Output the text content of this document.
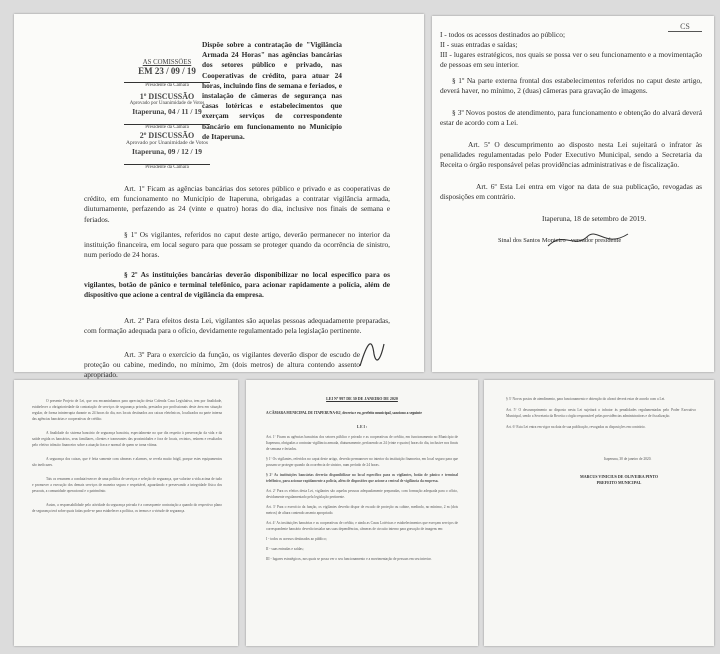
AS COMISSÕES
EM 23 / 09 / 19
Presidente da Câmara
1º DISCUSSÃO
Aprovado por Unanimidade de Votos
Itaperuna, 04 / 11 / 19
Presidente da Câmara
2º DISCUSSÃO
Aprovado por Unanimidade de Votos
Itaperuna, 09 / 12 / 19
Presidente da Câmara
Dispõe sobre a contratação de "Vigilância Armada 24 Horas" nas agências bancárias dos setores público e privado, nas Cooperativas de crédito, para atuar 24 horas, incluindo fins de semana e feriados, e instalação de câmeras de segurança nas casas lotéricas e estabelecimentos que exerçam serviços de correspondente bancário em funcionamento no Município de Itaperuna.
Art. 1º Ficam as agências bancárias dos setores público e privado e as cooperativas de crédito, em funcionamento no Município de Itaperuna, obrigadas a contratar vigilância armada, diuturnamente, perfazendo as 24 (vinte e quatro) horas do dia, inclusive nos finais de semana e feriados.
§ 1º Os vigilantes, referidos no caput deste artigo, deverão permanecer no interior da instituição financeira, em local seguro para que possam se proteger quando da ocorrência de sinistro, num período de 24 horas.
§ 2º As instituições bancárias deverão disponibilizar no local específico para os vigilantes, botão de pânico e terminal telefônico, para acionar rapidamente a polícia, além de dispositivo que acione a central de vigilância da empresa.
Art. 2º Para efeitos desta Lei, vigilantes são aquelas pessoas adequadamente preparadas, com formação adequada para o ofício, devidamente regulamentado pela legislação pertinente.
Art. 3º Para o exercício da função, os vigilantes deverão dispor de escudo de proteção ou cabine, medindo, no mínimo, 2m (dois metros) de altura contendo assento apropriado.
CS
I - todos os acessos destinados ao público;
II - suas entradas e saídas;
III - lugares estratégicos, nos quais se possa ver o seu funcionamento e a movimentação de pessoas em seu interior.
§ 1º Na parte externa frontal dos estabelecimentos referidos no caput deste artigo, deverá haver, no mínimo, 2 (duas) câmeras para gravação de imagens.
§ 3º Novos postos de atendimento, para funcionamento e obtenção do alvará deverá estar de acordo com a Lei.
Art. 5º O descumprimento ao disposto nesta Lei sujeitará o infrator às penalidades regulamentadas pelo Poder Executivo Municipal, sendo a Secretaria da Receita o órgão responsável pelas providências administrativas e de fiscalização.
Art. 6º Esta Lei entra em vigor na data de sua publicação, revogadas as disposições em contrário.
Itaperuna, 18 de setembro de 2019.
Sinal dos Santos Monteiro - vereador presidente

O presente Projeto de Lei, que ora encaminhamos para apreciação desta Colenda Casa Legislativa, tem por finalidade, estabelecer a obrigatoriedade da contratação de serviços de segurança privada, prestados por profissionais deste área em situação regular, de forma ininterrupta durante as 24 horas do dia, nos locais destinados aos caixas eletrônicos, localizados na parte interna das agências bancárias e cooperativas de crédito.

A finalidade do sistema bancário de segurança bancária, especialmente no que diz respeito à preservação da vida e da saúde regida os bancários, seus familiares, clientes e transeuntes das proximidades e fora de locais, recintos, reúnem e resultados pelo efetivo trânsito financeiro sobre a atuação fraca e normal de quem se torna vítima.

A segurança dos caixas, que é feita somente com câmeras e alarmes, se revela muito frágil, porque estes equipamentos são ineficazes.

Tais os resumem a conduta/exercer de uma política de serviços e seleção de segurança, que valorize a vida acima de tudo e promover a execução dos demais serviços de maneira segura e respeitável, aguardando e preservando a integridade física dos pessoais, a comunidade operacional e o patrimônio.

Assim, a responsabilidade pelo atividade da segurança privada é a consequente contratação a quando do respectivo plano de segurança terá sobre quais fatias pode-se para estabelecer a política, os termos e a virtude de segurança.

LEI Nº 997 DE 30 DE JANEIRO DE 2020
A CÂMARA MUNICIPAL DE ITAPERUNA-RJ, decreta e eu, prefeito municipal, sanciono a seguinte
L E I :

Art. 1º Ficam as agências bancárias dos setores público e privado e as cooperativas de crédito, em funcionamento no Município de Itaperuna, obrigadas a contratar vigilância armada, diuturnamente, perfazendo as 24 (vinte e quatro) horas do dia, inclusive nos finais de semana e feriados.

§ 1º Os vigilantes, referidos no caput deste artigo, deverão permanecer no interior da instituição financeira, em local seguro para que possam se proteger quando da ocorrência de sinistro, num período de 24 horas.

§ 2º As instituições bancárias deverão disponibilizar no local específico para os vigilantes, botão de pânico e terminal telefônico, para acionar rapidamente a polícia, além de dispositivo que acione a central de vigilância da empresa.

Art. 2º Para os efeitos desta Lei, vigilantes são aquelas pessoas adequadamente preparadas, com formação adequada para o ofício, devidamente regulamentado pela legislação pertinente.

Art. 3º Para o exercício da função, os vigilantes deverão dispor de escudo de proteção ou cabine, medindo, no mínimo, 2 m (dois metros) de altura contendo assento apropriado.

Art. 4º As instituições bancárias e as cooperativas de crédito, e ainda as Casas Lotéricas e estabelecimentos que exerçam serviços de correspondente bancário deverão instalar nas suas dependências, câmeras de circuito interno para gravação de imagens em:

I - todos os acessos destinados ao público;

II - suas entradas e saídas;

III - lugares estratégicos, nos quais se possa ver o seu funcionamento e a movimentação de pessoas em seu interior.

§ 3º Novos postos de atendimento, para funcionamento e obtenção do alvará deverá estar de acordo com a Lei.

Art. 5º O descumprimento ao disposto nesta Lei sujeitará o infrator às penalidades regulamentadas pelo Poder Executivo Municipal, sendo a Secretaria da Receita o órgão responsável pelas providências administrativas e de fiscalização.

Art. 6º Esta Lei entra em vigor na data de sua publicação, revogadas as disposições em contrário.

Itaperuna, 30 de janeiro de 2020.
MARCUS VINICIUS DE OLIVEIRA PINTO
PREFEITO MUNICIPAL
